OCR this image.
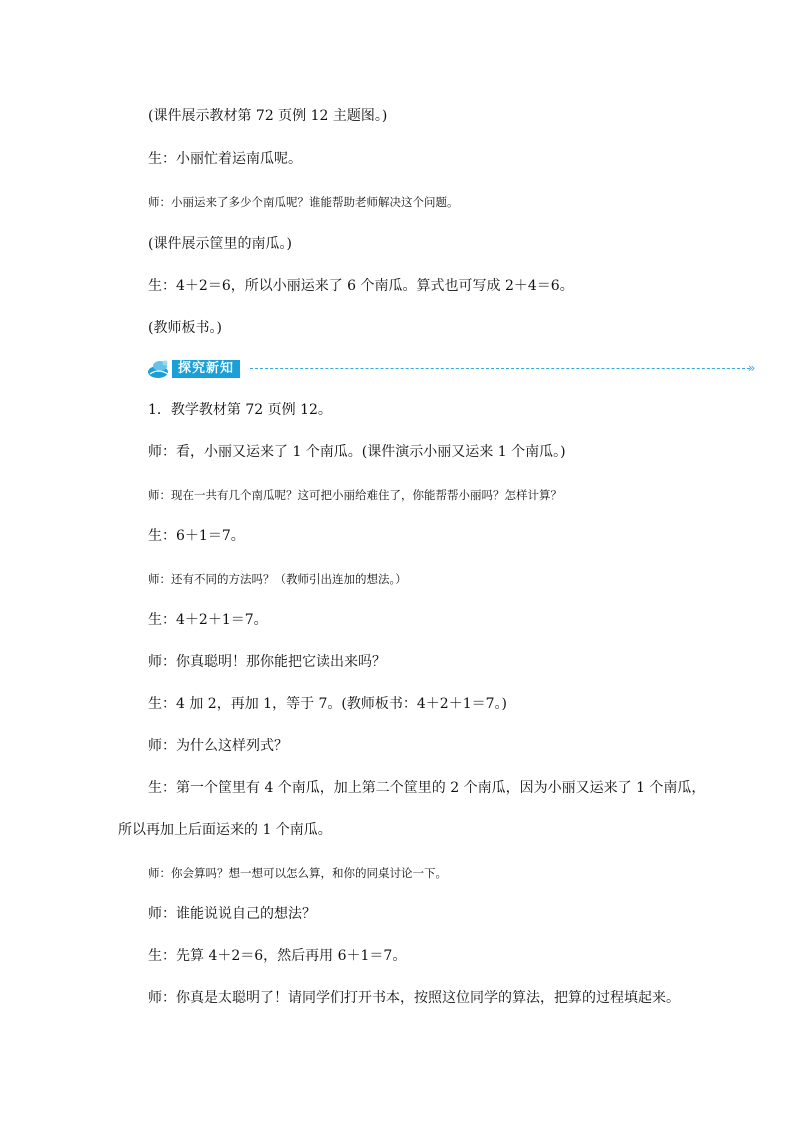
(课件展示教材第 72 页例 12 主题图。)
生：小丽忙着运南瓜呢。
师：小丽运来了多少个南瓜呢？谁能帮助老师解决这个问题。
(课件展示筐里的南瓜。)
生：4＋2＝6，所以小丽运来了 6 个南瓜。算式也可写成 2＋4＝6。
(教师板书。)
探究新知	»
1．教学教材第 72 页例 12。
师：看，小丽又运来了 1 个南瓜。(课件演示小丽又运来 1 个南瓜。)
师：现在一共有几个南瓜呢？这可把小丽给难住了，你能帮帮小丽吗？怎样计算？
生：6＋1＝7。
师：还有不同的方法吗？（教师引出连加的想法。）
生：4＋2＋1＝7。
师：你真聪明！那你能把它读出来吗？
生：4 加 2，再加 1，等于 7。(教师板书：4＋2＋1＝7。)
师：为什么这样列式？
生：第一个筐里有 4 个南瓜，加上第二个筐里的 2 个南瓜，因为小丽又运来了 1 个南瓜，
所以再加上后面运来的 1 个南瓜。
师：你会算吗？想一想可以怎么算，和你的同桌讨论一下。
师：谁能说说自己的想法？
生：先算 4＋2＝6，然后再用 6＋1＝7。
师：你真是太聪明了！请同学们打开书本，按照这位同学的算法，把算的过程填起来。
